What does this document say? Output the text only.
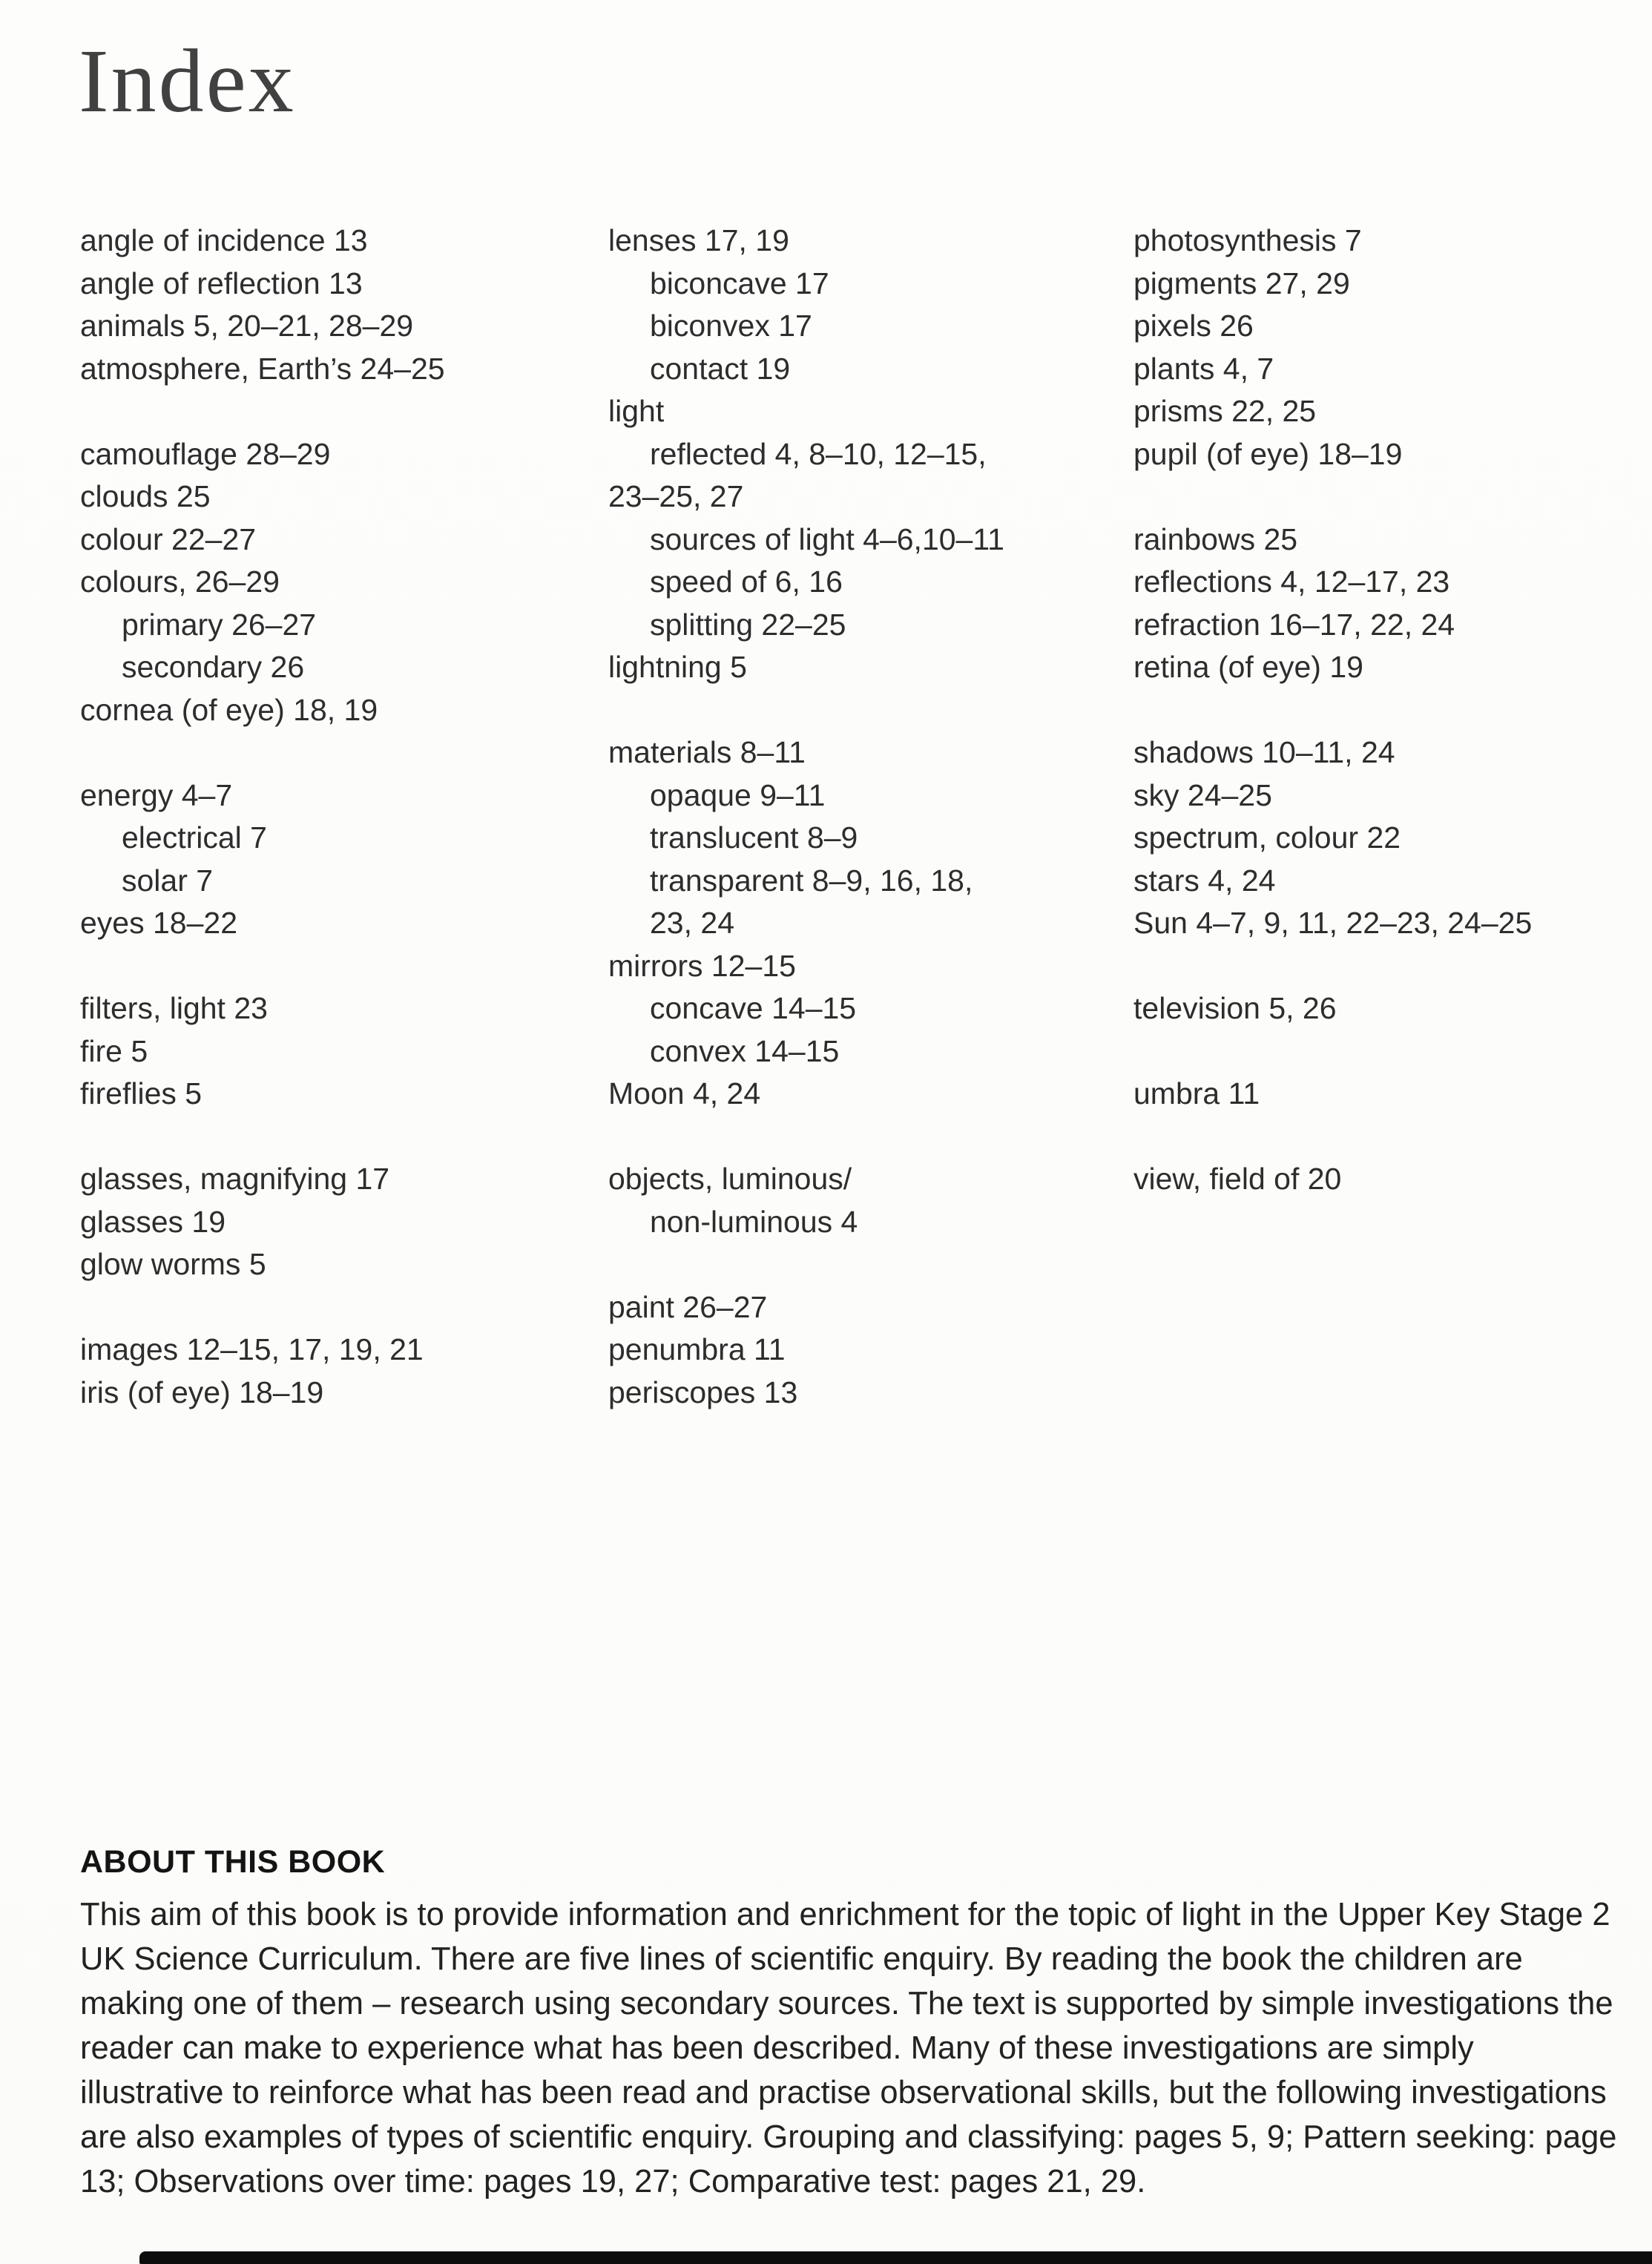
Index
angle of incidence 13
angle of reflection 13
animals 5, 20–21, 28–29
atmosphere, Earth’s 24–25
camouflage 28–29
clouds 25
colour 22–27
colours, 26–29
primary 26–27
secondary 26
cornea (of eye) 18, 19
energy 4–7
electrical 7
solar 7
eyes 18–22
filters, light 23
fire 5
fireflies 5
glasses, magnifying 17
glasses 19
glow worms 5
images 12–15, 17, 19, 21
iris (of eye) 18–19
lenses 17, 19
biconcave 17
biconvex 17
contact 19
light
reflected 4, 8–10, 12–15,
23–25, 27
sources of light 4–6,10–11
speed of 6, 16
splitting 22–25
lightning 5
materials 8–11
opaque 9–11
translucent 8–9
transparent 8–9, 16, 18,
23, 24
mirrors 12–15
concave 14–15
convex 14–15
Moon 4, 24
objects, luminous/
non-luminous 4
paint 26–27
penumbra 11
periscopes 13
photosynthesis 7
pigments 27, 29
pixels 26
plants 4, 7
prisms 22, 25
pupil (of eye) 18–19
rainbows 25
reflections 4, 12–17, 23
refraction 16–17, 22, 24
retina (of eye) 19
shadows 10–11, 24
sky 24–25
spectrum, colour 22
stars 4, 24
Sun 4–7, 9, 11, 22–23, 24–25
television 5, 26
umbra 11
view, field of 20
ABOUT THIS BOOK

This aim of this book is to provide information and enrichment for the topic of light in the Upper Key Stage 2 UK Science Curriculum. There are five lines of scientific enquiry. By reading the book the children are making one of them – research using secondary sources. The text is supported by simple investigations the reader can make to experience what has been described. Many of these investigations are simply illustrative to reinforce what has been read and practise observational skills, but the following investigations are also examples of types of scientific enquiry. Grouping and classifying: pages 5, 9; Pattern seeking: page 13; Observations over time: pages 19, 27; Comparative test: pages 21, 29.
